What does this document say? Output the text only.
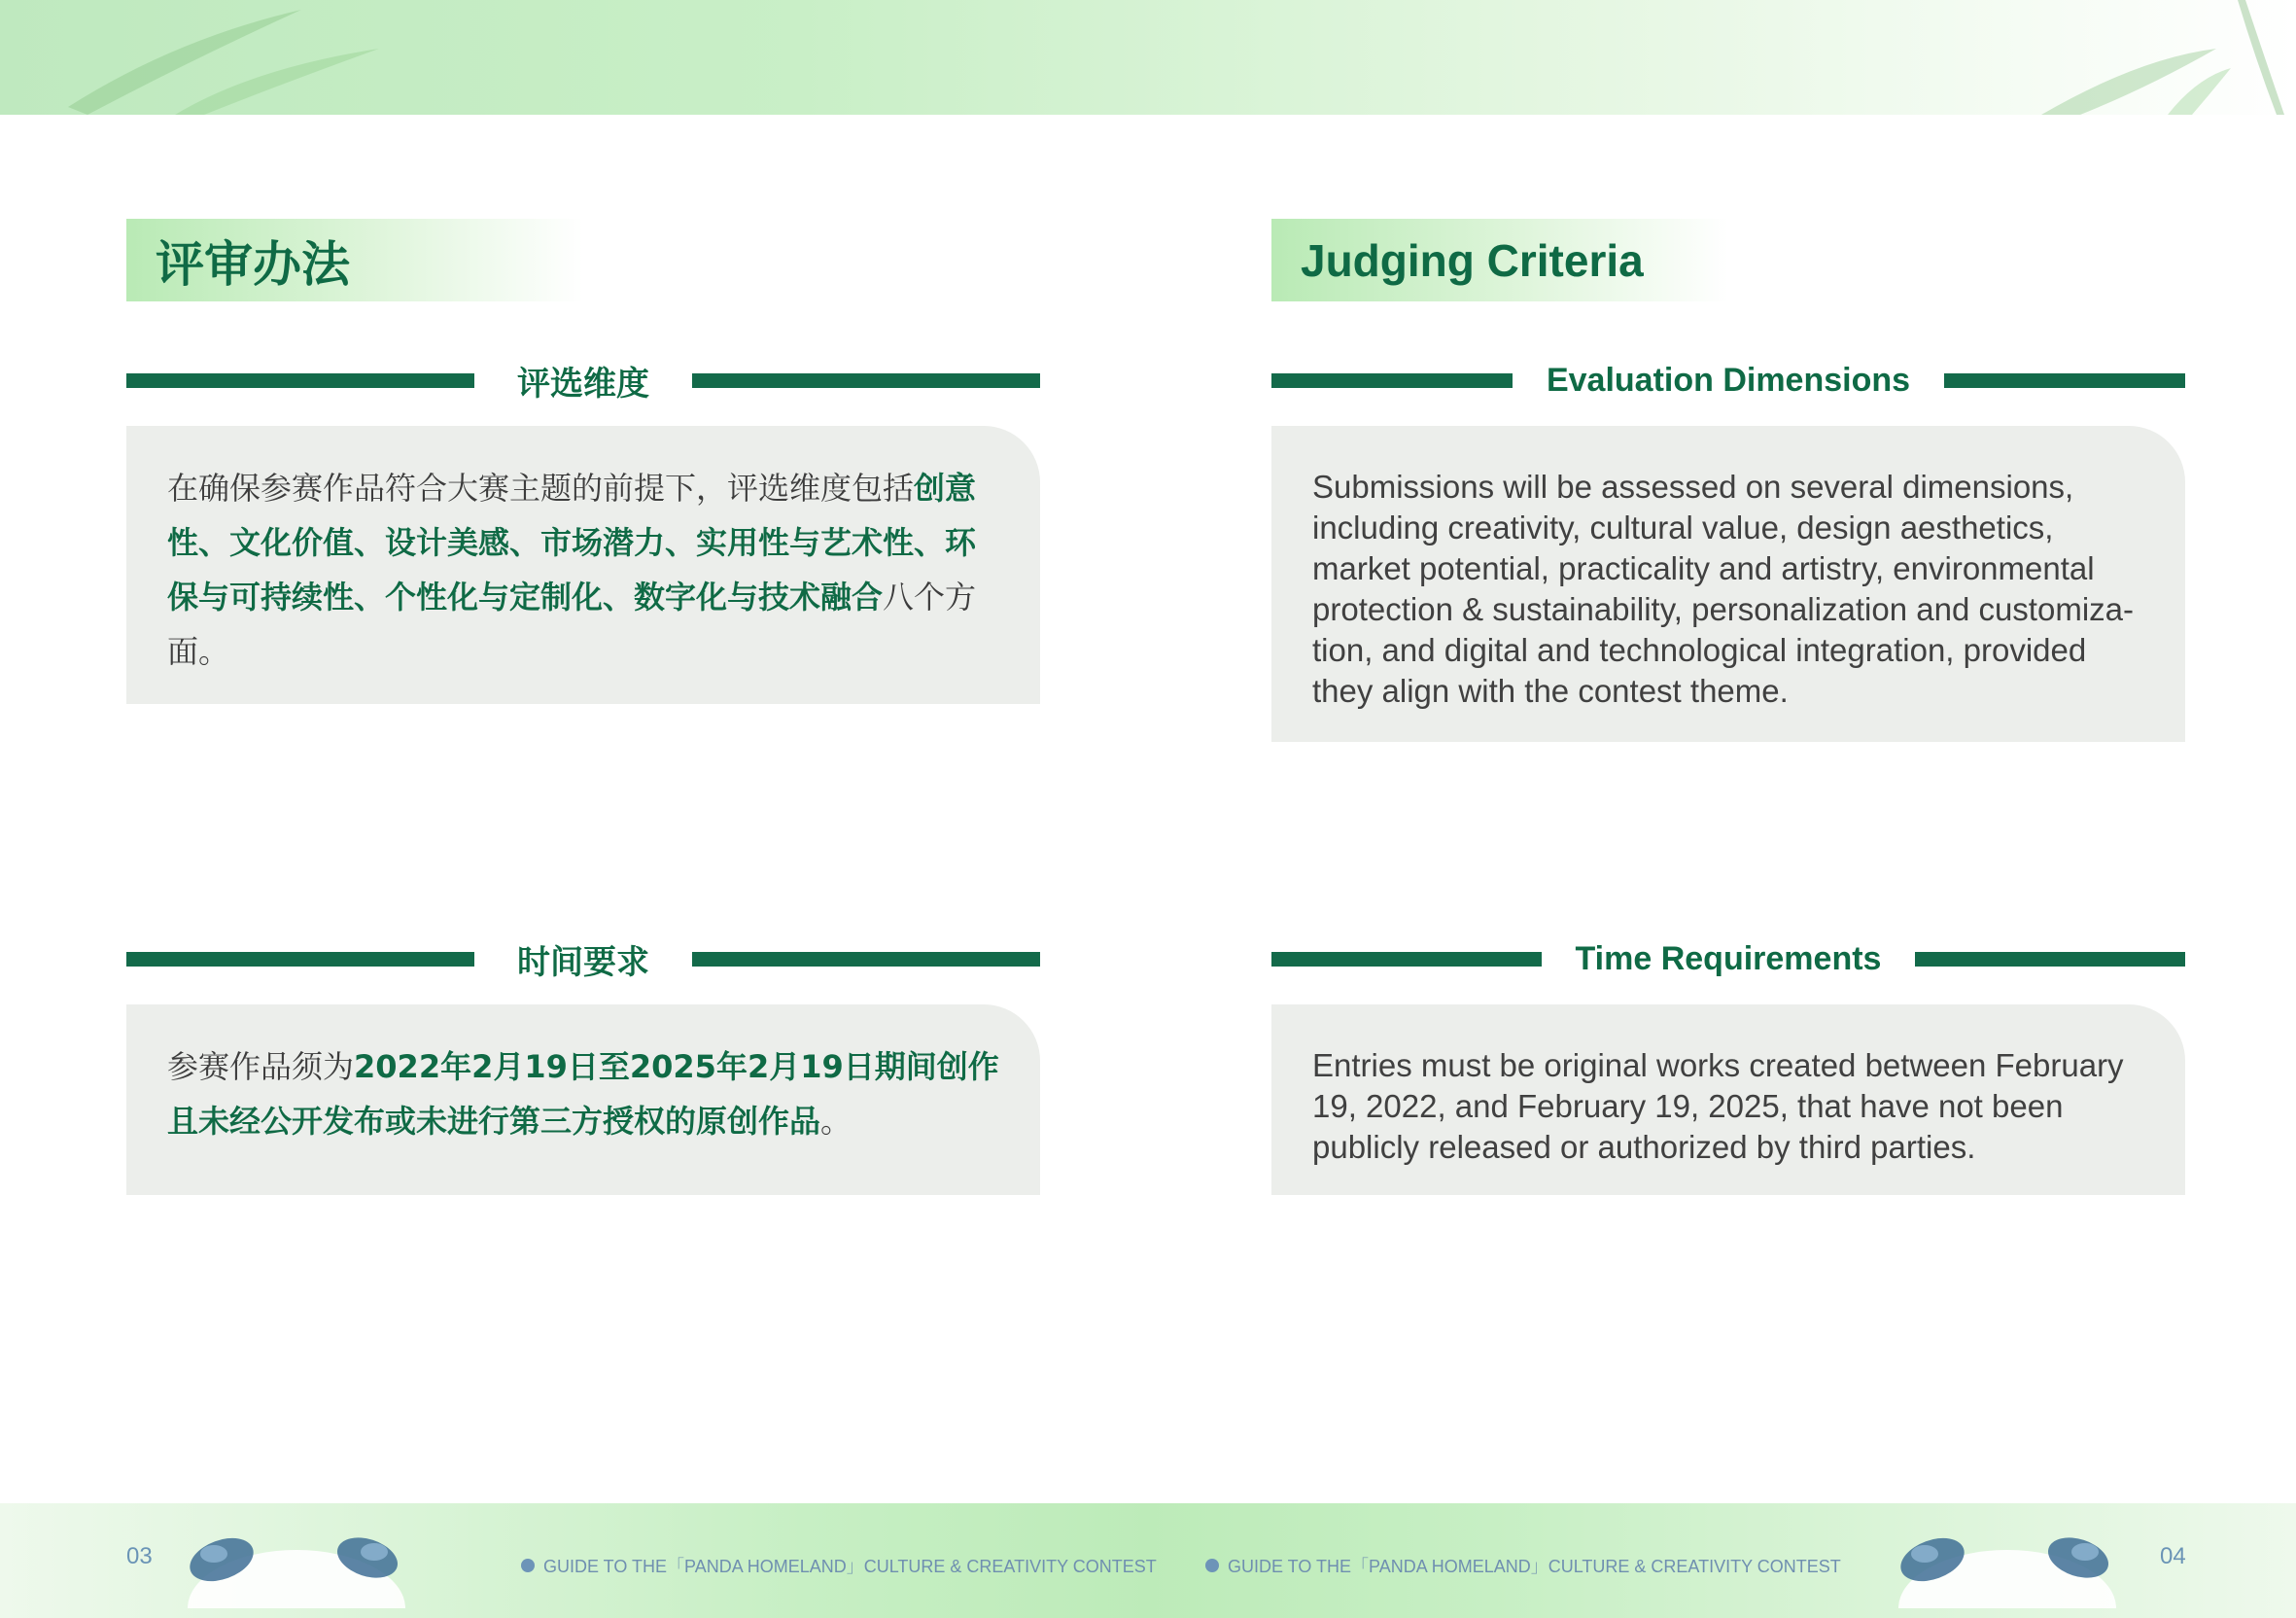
评审办法
评选维度
在确保参赛作品符合大赛主题的前提下，评选维度包括创意性、文化价值、设计美感、市场潜力、实用性与艺术性、环保与可持续性、个性化与定制化、数字化与技术融合八个方面。
时间要求
参赛作品须为2022年2月19日至2025年2月19日期间创作且未经公开发布或未进行第三方授权的原创作品。
Judging Criteria
Evaluation Dimensions
Submissions will be assessed on several dimensions, including creativity, cultural value, design aesthetics, market potential, practicality and artistry, environmental protection & sustainability, personalization and customiza-tion, and digital and technological integration, provided they align with the contest theme.
Time Requirements
Entries must be original works created between February 19, 2022, and February 19, 2025, that have not been publicly released or authorized by third parties.
03	04
GUIDE TO THE「PANDA HOMELAND」CULTURE & CREATIVITY CONTEST	GUIDE TO THE「PANDA HOMELAND」CULTURE & CREATIVITY CONTEST
